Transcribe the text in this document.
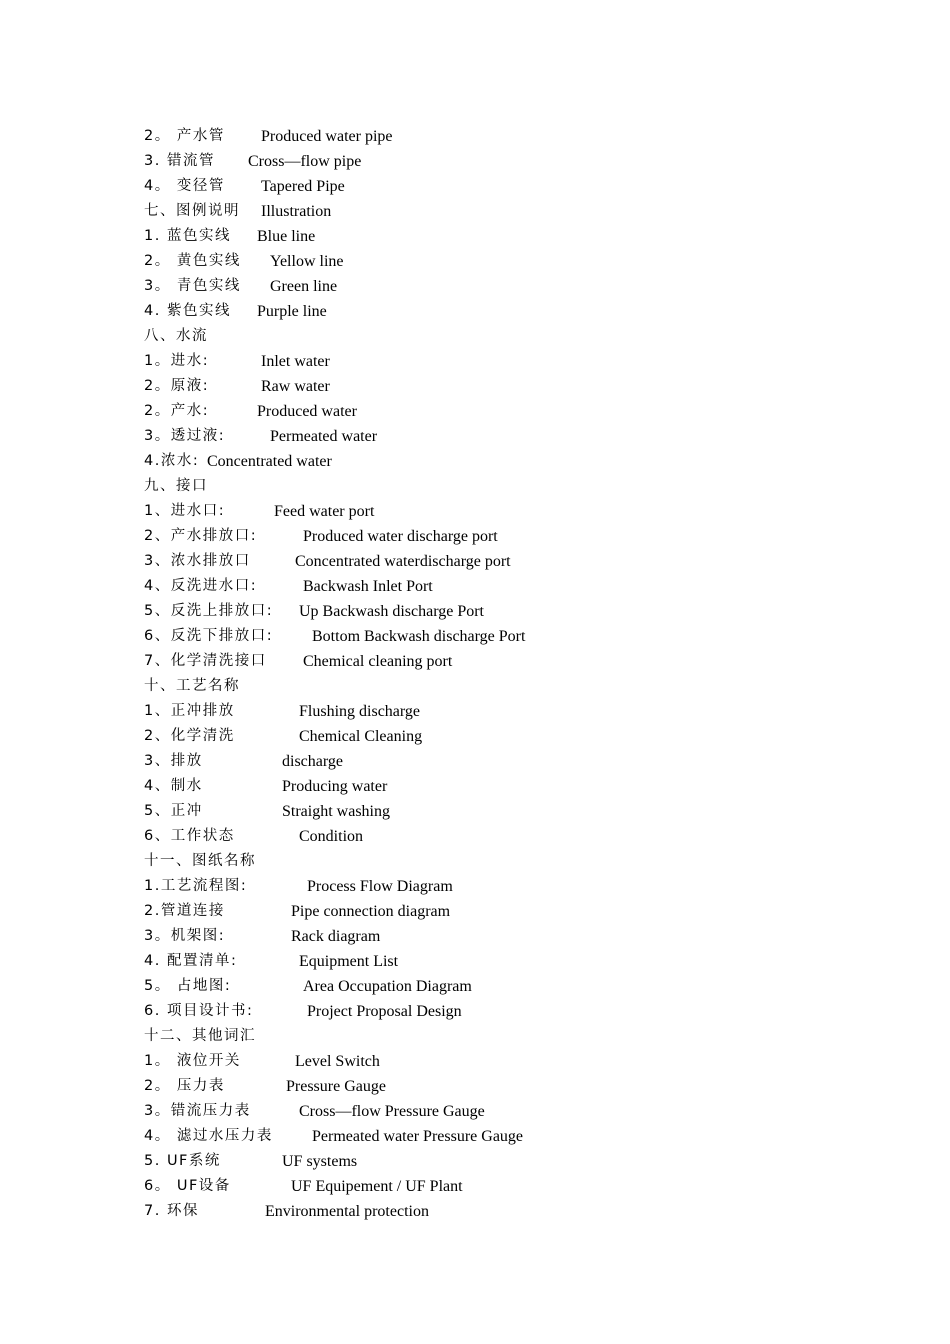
2。 产水管 Produced water pipe
3. 错流管 Cross—flow pipe
4。 变径管 Tapered Pipe
七、图例说明 Illustration
1. 蓝色实线 Blue line
2。 黄色实线 Yellow line
3。 青色实线 Green line
4. 紫色实线 Purple line
八、水流
1。进水:	Inlet water
2。原液:	Raw water
2。产水:	Produced water
3。透过液:	Permeated water
4.浓水: Concentrated water
九、接口
1、进水口:	Feed water port
2、产水排放口:	Produced water discharge port
3、浓水排放口	Concentrated waterdischarge port
4、反洗进水口:	Backwash Inlet Port
5、反洗上排放口: Up Backwash discharge Port
6、反洗下排放口: Bottom Backwash discharge Port
7、化学清洗接口 Chemical cleaning port
十、工艺名称
1、正冲排放	Flushing discharge
2、化学清洗	Chemical Cleaning
3、排放	discharge
4、制水	Producing water
5、正冲	Straight washing
6、工作状态	Condition
十一、图纸名称
1.工艺流程图:	Process Flow Diagram
2.管道连接	Pipe connection diagram
3。机架图:	Rack diagram
4. 配置清单:	Equipment List
5。 占地图:	Area Occupation Diagram
6. 项目设计书:	Project Proposal Design
十二、其他词汇
1。 液位开关	Level Switch
2。 压力表	Pressure Gauge
3。错流压力表	Cross—flow Pressure Gauge
4。 滤过水压力表 Permeated water Pressure Gauge
5. UF系统	UF systems
6。 UF设备	UF Equipement / UF Plant
7. 环保	Environmental protection
